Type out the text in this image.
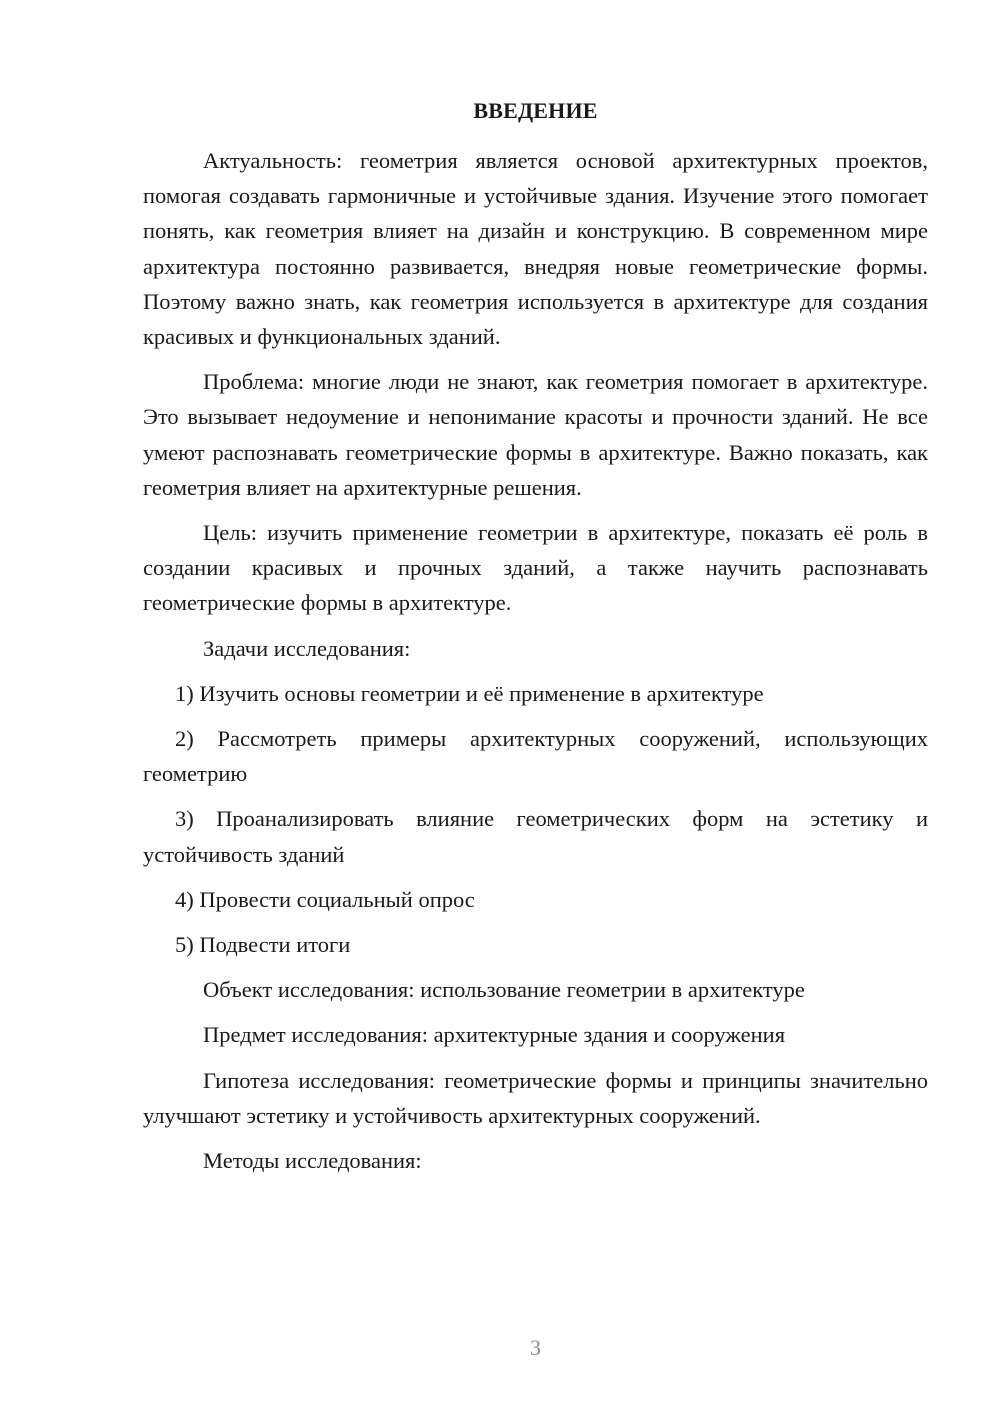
ВВЕДЕНИЕ

Актуальность: геометрия является основой архитектурных проектов, помогая создавать гармоничные и устойчивые здания. Изучение этого помогает понять, как геометрия влияет на дизайн и конструкцию. В современном мире архитектура постоянно развивается, внедряя новые геометрические формы. Поэтому важно знать, как геометрия используется в архитектуре для создания красивых и функциональных зданий.

Проблема: многие люди не знают, как геометрия помогает в архитектуре. Это вызывает недоумение и непонимание красоты и прочности зданий. Не все умеют распознавать геометрические формы в архитектуре. Важно показать, как геометрия влияет на архитектурные решения.

Цель: изучить применение геометрии в архитектуре, показать её роль в создании красивых и прочных зданий, а также научить распознавать геометрические формы в архитектуре.

Задачи исследования:

1) Изучить основы геометрии и её применение в архитектуре

2) Рассмотреть примеры архитектурных сооружений, использующих геометрию

3) Проанализировать влияние геометрических форм на эстетику и устойчивость зданий

4) Провести социальный опрос

5) Подвести итоги

Объект исследования: использование геометрии в архитектуре

Предмет исследования: архитектурные здания и сооружения

Гипотеза исследования: геометрические формы и принципы значительно улучшают эстетику и устойчивость архитектурных сооружений.

Методы исследования:

3
